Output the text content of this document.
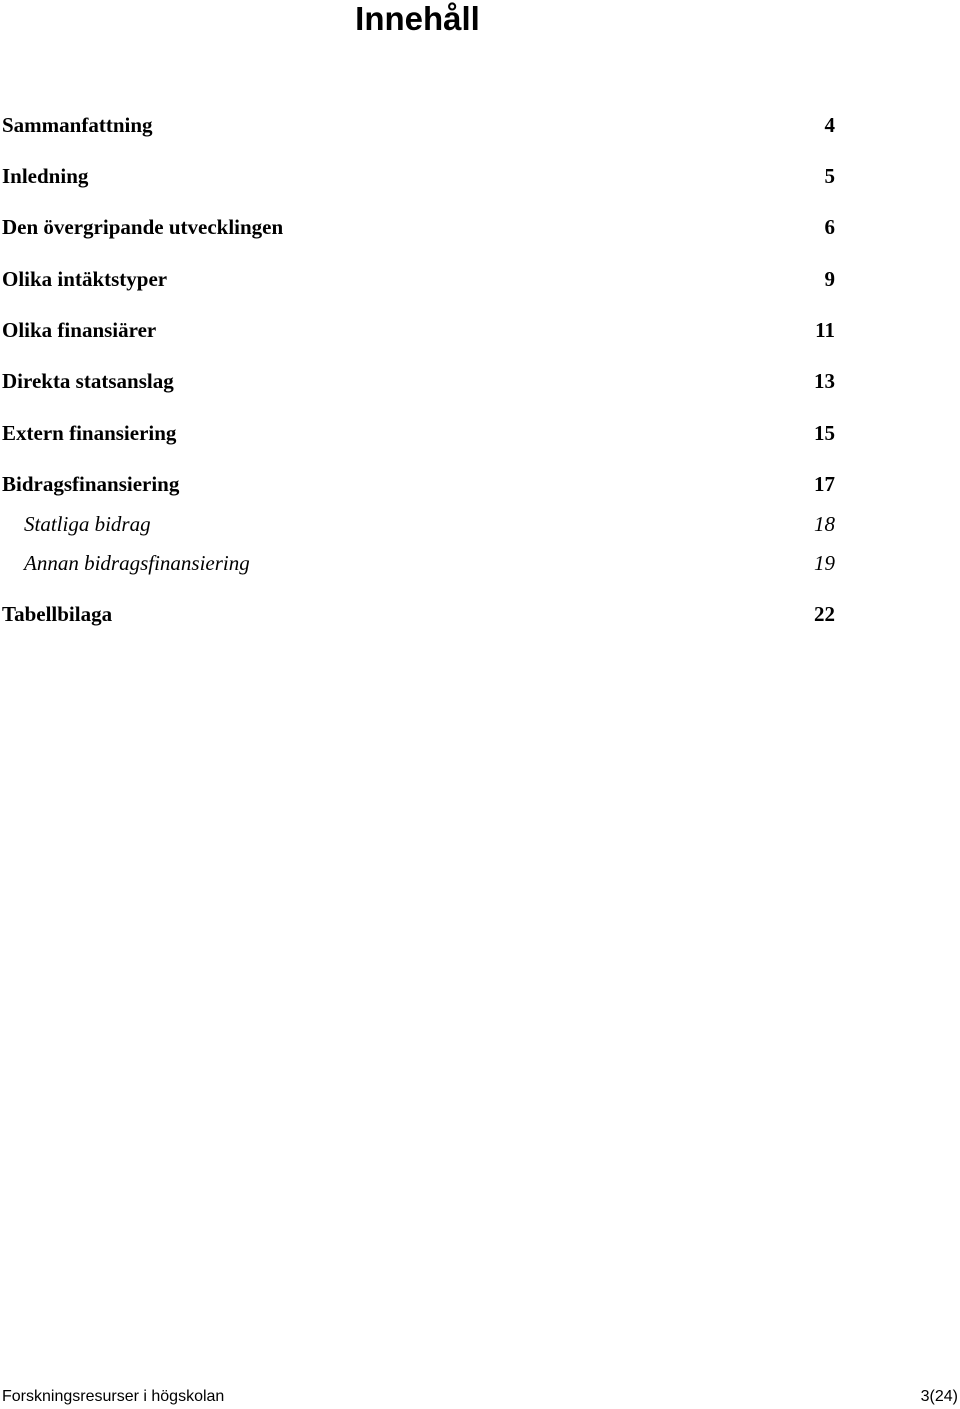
Innehåll
Sammanfattning	4
Inledning	5
Den övergripande utvecklingen	6
Olika intäktstyper	9
Olika finansiärer	11
Direkta statsanslag	13
Extern finansiering	15
Bidragsfinansiering	17
Statliga bidrag	18
Annan bidragsfinansiering	19
Tabellbilaga	22
Forskningsresurser i högskolan	3(24)
